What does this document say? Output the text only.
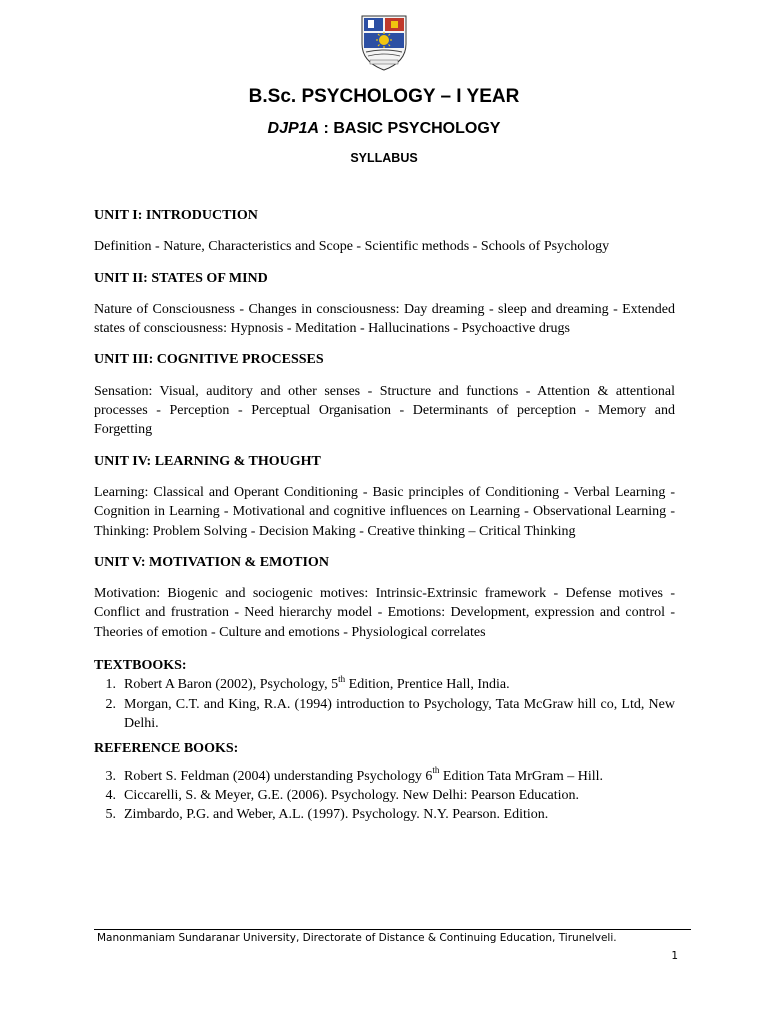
B.Sc. PSYCHOLOGY – I YEAR
DJP1A : BASIC PSYCHOLOGY
SYLLABUS

UNIT I: INTRODUCTION

Definition - Nature, Characteristics and Scope - Scientific methods - Schools of Psychology

UNIT II: STATES OF MIND

Nature of Consciousness - Changes in consciousness: Day dreaming - sleep and dreaming - Extended states of consciousness: Hypnosis - Meditation - Hallucinations - Psychoactive drugs

UNIT III: COGNITIVE PROCESSES

Sensation: Visual, auditory and other senses - Structure and functions - Attention & attentional processes - Perception - Perceptual Organisation - Determinants of perception - Memory and Forgetting

UNIT IV: LEARNING & THOUGHT

Learning: Classical and Operant Conditioning - Basic principles of Conditioning - Verbal Learning - Cognition in Learning - Motivational and cognitive influences on Learning - Observational Learning - Thinking: Problem Solving - Decision Making - Creative thinking – Critical Thinking

UNIT V: MOTIVATION & EMOTION

Motivation: Biogenic and sociogenic motives: Intrinsic-Extrinsic framework - Defense motives - Conflict and frustration - Need hierarchy model - Emotions: Development, expression and control - Theories of emotion - Culture and emotions - Physiological correlates

TEXTBOOKS:

1. Robert A Baron (2002), Psychology, 5th Edition, Prentice Hall, India.
2. Morgan, C.T. and King, R.A. (1994) introduction to Psychology, Tata McGraw hill co, Ltd, New Delhi.

REFERENCE BOOKS:

3. Robert S. Feldman (2004) understanding Psychology 6th Edition Tata MrGram – Hill.
4. Ciccarelli, S. & Meyer, G.E. (2006). Psychology. New Delhi: Pearson Education.
5. Zimbardo, P.G. and Weber, A.L. (1997). Psychology. N.Y. Pearson. Edition.
Manonmaniam Sundaranar University, Directorate of Distance & Continuing Education, Tirunelveli.
1
